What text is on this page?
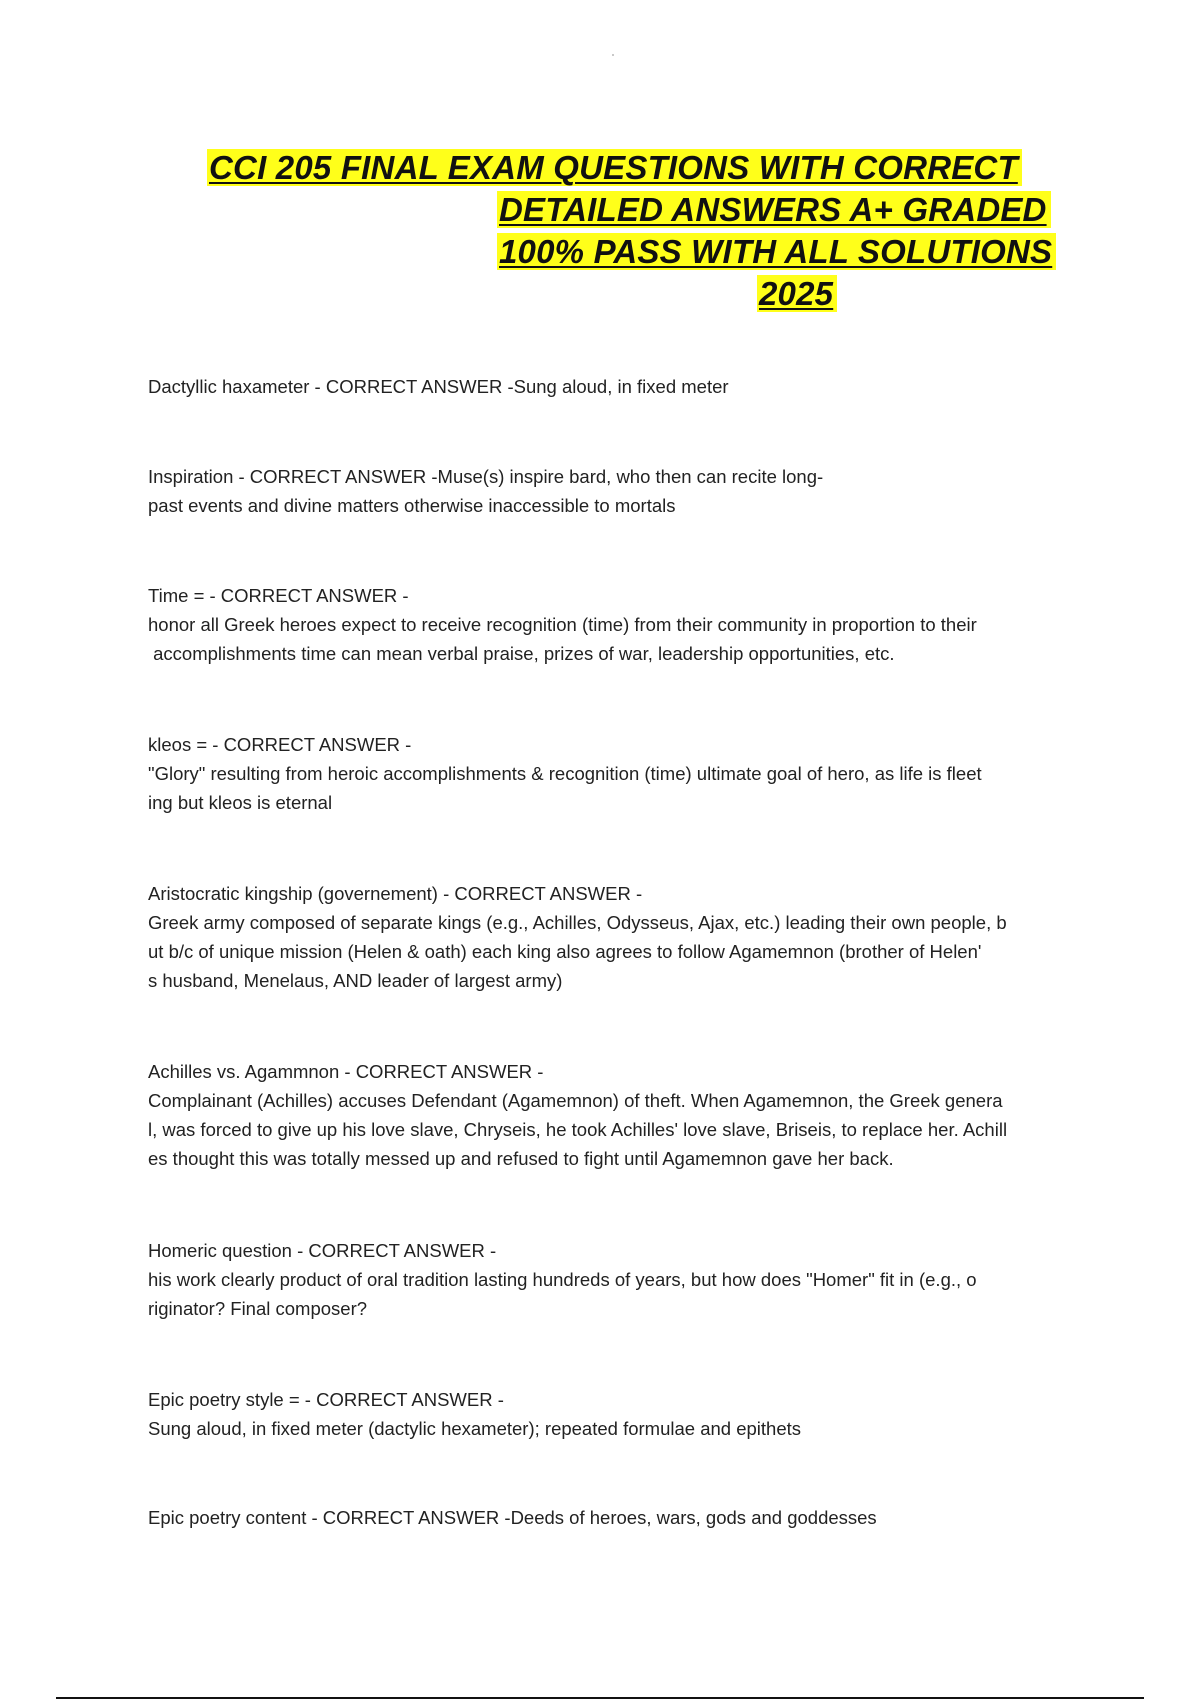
CCI 205 FINAL EXAM QUESTIONS WITH CORRECT
DETAILED ANSWERS A+ GRADED
100% PASS WITH ALL SOLUTIONS
2025
Dactyllic haxameter - CORRECT ANSWER -Sung aloud, in fixed meter
Inspiration - CORRECT ANSWER -Muse(s) inspire bard, who then can recite long-
past events and divine matters otherwise inaccessible to mortals
Time = - CORRECT ANSWER -
honor all Greek heroes expect to receive recognition (time) from their community in proportion to their
accomplishments time can mean verbal praise, prizes of war, leadership opportunities, etc.
kleos = - CORRECT ANSWER -
"Glory" resulting from heroic accomplishments & recognition (time) ultimate goal of hero, as life is fleet
ing but kleos is eternal
Aristocratic kingship (governement) - CORRECT ANSWER -
Greek army composed of separate kings (e.g., Achilles, Odysseus, Ajax, etc.) leading their own people, b
ut b/c of unique mission (Helen & oath) each king also agrees to follow Agamemnon (brother of Helen'
s husband, Menelaus, AND leader of largest army)
Achilles vs. Agammnon - CORRECT ANSWER -
Complainant (Achilles) accuses Defendant (Agamemnon) of theft. When Agamemnon, the Greek genera
l, was forced to give up his love slave, Chryseis, he took Achilles' love slave, Briseis, to replace her. Achill
es thought this was totally messed up and refused to fight until Agamemnon gave her back.
Homeric question - CORRECT ANSWER -
his work clearly product of oral tradition lasting hundreds of years, but how does "Homer" fit in (e.g., o
riginator? Final composer?
Epic poetry style = - CORRECT ANSWER -
Sung aloud, in fixed meter (dactylic hexameter); repeated formulae and epithets
Epic poetry content - CORRECT ANSWER -Deeds of heroes, wars, gods and goddesses
